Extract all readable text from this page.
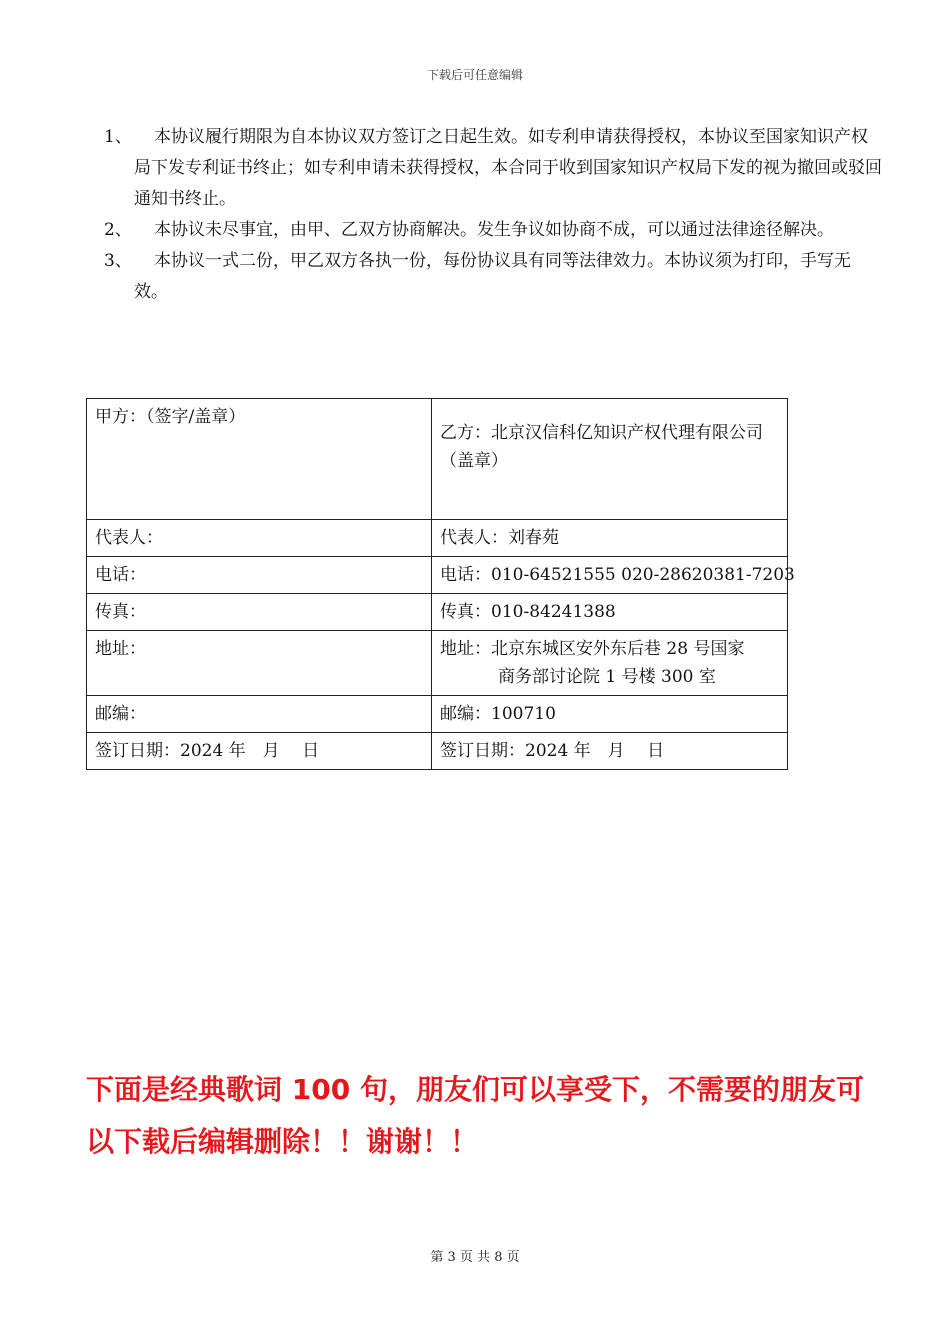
下载后可任意编辑
1、	本协议履行期限为自本协议双方签订之日起生效。如专利申请获得授权，本协议至国家知识产权局下发专利证书终止；如专利申请未获得授权，本合同于收到国家知识产权局下发的视为撤回或驳回通知书终止。
2、	本协议未尽事宜，由甲、乙双方协商解决。发生争议如协商不成，可以通过法律途径解决。
3、	本协议一式二份，甲乙双方各执一份，每份协议具有同等法律效力。本协议须为打印，手写无效。
甲方：（签字/盖章）	乙方：北京汉信科亿知识产权代理有限公司（盖章）
代表人：	代表人：刘春苑
电话：	电话：010-64521555 020-28620381-7203
传真：	传真：010-84241388
地址：	地址：北京东城区安外东后巷 28 号国家
商务部讨论院 1 号楼 300 室

邮编：	邮编：100710
签订日期：2024 年　月　 日	签订日期：2024 年　月　 日
下面是经典歌词 100 句，朋友们可以享受下，不需要的朋友可以下载后编辑删除！！谢谢！！
第 3 页 共 8 页
